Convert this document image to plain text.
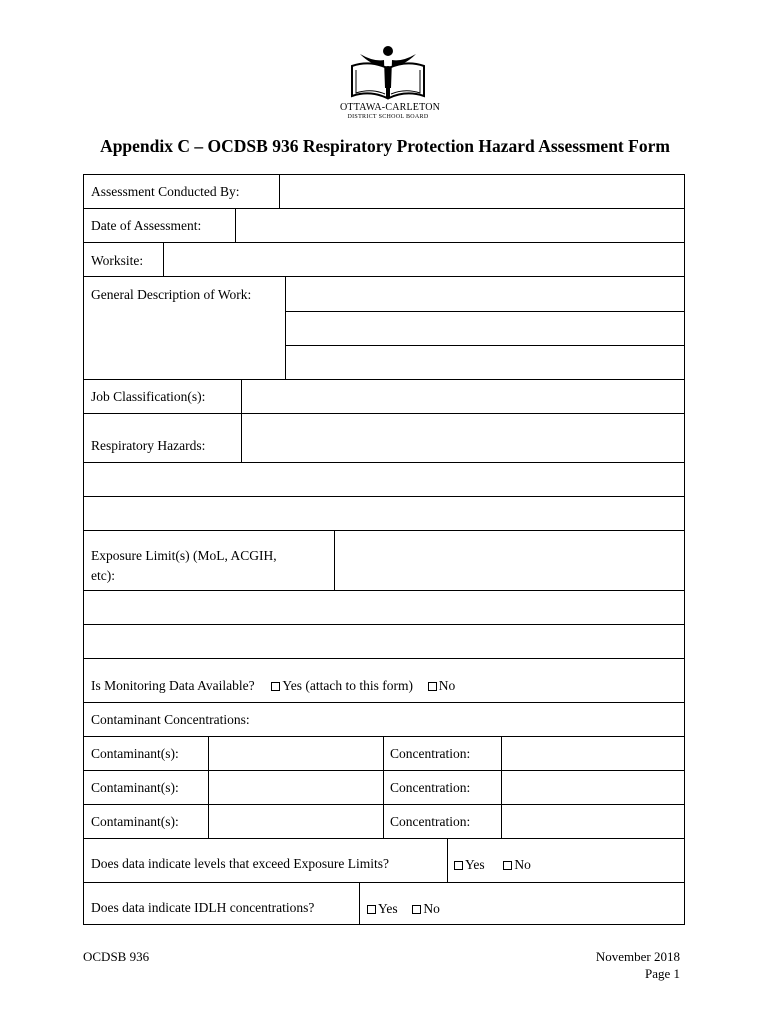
OTTAWA-CARLETON
DISTRICT SCHOOL BOARD
Appendix C – OCDSB 936 Respiratory Protection Hazard Assessment Form
Assessment Conducted By:
Date of Assessment:
Worksite:
General Description of Work:
Job Classification(s):
Respiratory Hazards:
Exposure Limit(s) (MoL, ACGIH,
etc):
Is Monitoring Data Available? Yes (attach to this form) No
Contaminant Concentrations:
Contaminant(s):	Concentration:
Contaminant(s):	Concentration:
Contaminant(s):	Concentration:
Does data indicate levels that exceed Exposure Limits?	Yes No
Does data indicate IDLH concentrations?	Yes No
OCDSB 936	November 2018
Page 1
